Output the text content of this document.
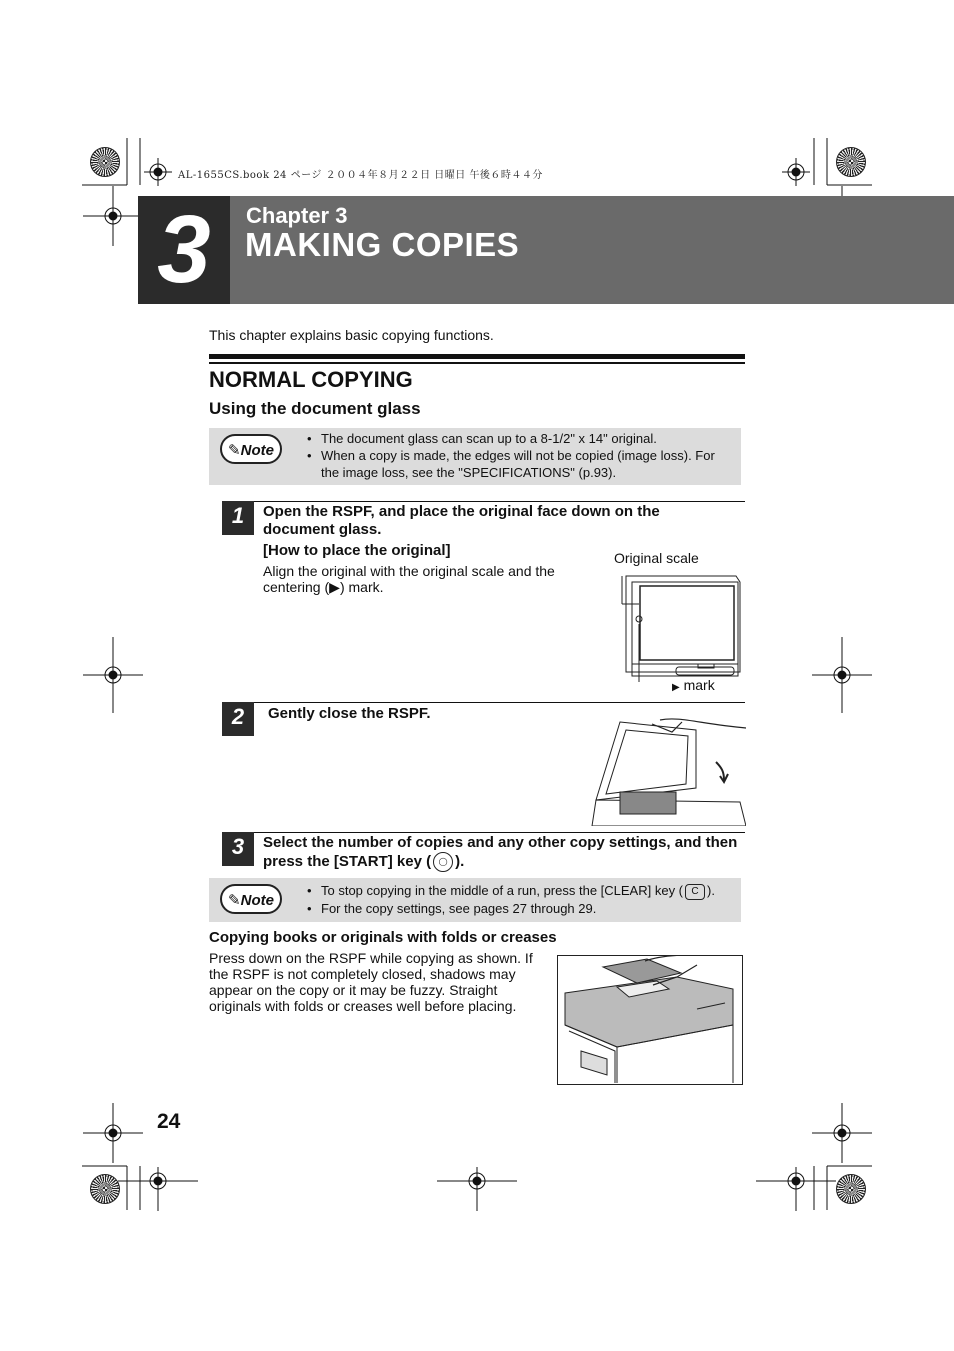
AL-1655CS.book 24 ページ ２００４年８月２２日 日曜日 午後６時４４分
3	Chapter 3
MAKING COPIES
This chapter explains basic copying functions.
NORMAL COPYING
Using the document glass
✎Note
• The document glass can scan up to a 8-1/2" x 14" original.
• When a copy is made, the edges will not be copied (image loss). For the image loss, see the "SPECIFICATIONS" (p.93).
1	Open the RSPF, and place the original face down on the document glass.
[How to place the original]
Align the original with the original scale and the centering (▶) mark.
Original scale
▶ mark
2	Gently close the RSPF.
3	Select the number of copies and any other copy settings, and then press the [START] key ( ◯ ).
✎Note
• To stop copying in the middle of a run, press the [CLEAR] key ( C ).
• For the copy settings, see pages 27 through 29.
Copying books or originals with folds or creases
Press down on the RSPF while copying as shown. If the RSPF is not completely closed, shadows may appear on the copy or it may be fuzzy. Straight originals with folds or creases well before placing.
24
